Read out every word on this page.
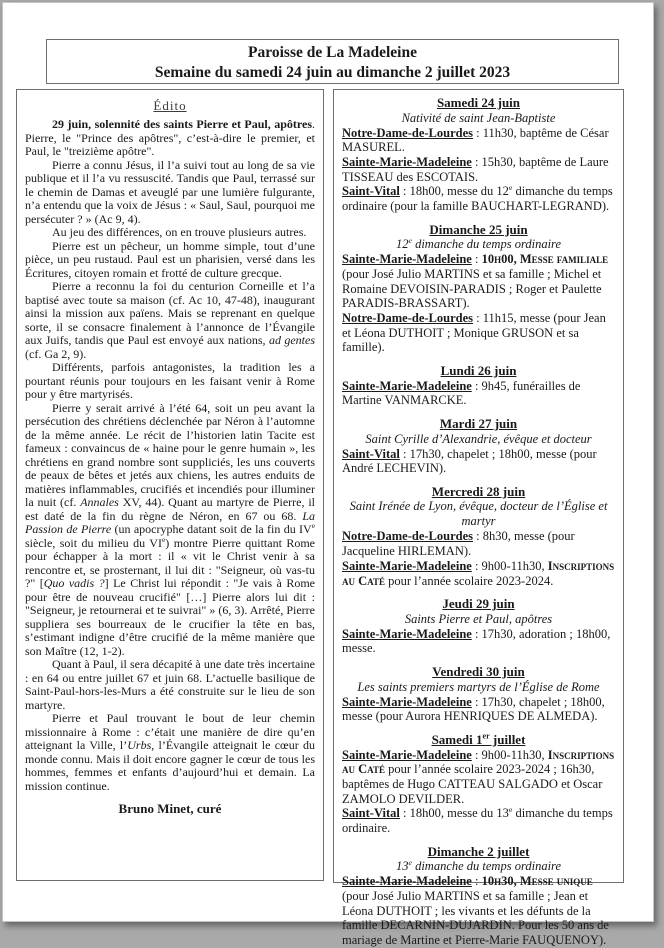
Paroisse de La Madeleine
Semaine du samedi 24 juin au dimanche 2 juillet 2023
Édito
29 juin, solennité des saints Pierre et Paul, apôtres. Pierre, le "Prince des apôtres", c’est-à-dire le premier, et Paul, le "treizième apôtre".
Pierre a connu Jésus, il l’a suivi tout au long de sa vie publique et il l’a vu ressuscité. Tandis que Paul, terrassé sur le chemin de Damas et aveuglé par une lumière fulgurante, n’a entendu que la voix de Jésus : « Saul, Saul, pourquoi me persécuter ? » (Ac 9, 4).
Au jeu des différences, on en trouve plusieurs autres.
Pierre est un pêcheur, un homme simple, tout d’une pièce, un peu rustaud. Paul est un pharisien, versé dans les Écritures, citoyen romain et frotté de culture grecque.
Pierre a reconnu la foi du centurion Corneille et l’a baptisé avec toute sa maison (cf. Ac 10, 47-48), inaugurant ainsi la mission aux païens. Mais se reprenant en quelque sorte, il se consacre finalement à l’annonce de l’Évangile aux Juifs, tandis que Paul est envoyé aux nations, ad gentes (cf. Ga 2, 9).
Différents, parfois antagonistes, la tradition les a pourtant réunis pour toujours en les faisant venir à Rome pour y être martyrisés.
Pierre y serait arrivé à l’été 64, soit un peu avant la persécution des chrétiens déclenchée par Néron à l’automne de la même année. Le récit de l’historien latin Tacite est fameux : convaincus de « haine pour le genre humain », les chrétiens en grand nombre sont suppliciés, les uns couverts de peaux de bêtes et jetés aux chiens, les autres enduits de matières inflammables, crucifiés et incendiés pour illuminer la nuit (cf. Annales XV, 44). Quant au martyre de Pierre, il est daté de la fin du règne de Néron, en 67 ou 68. La Passion de Pierre (un apocryphe datant soit de la fin du IVe siècle, soit du milieu du VIe) montre Pierre quittant Rome pour échapper à la mort : il « vit le Christ venir à sa rencontre et, se prosternant, il lui dit : "Seigneur, où vas-tu ?" [Quo vadis ?] Le Christ lui répondit : "Je vais à Rome pour être de nouveau crucifié" […] Pierre alors lui dit : "Seigneur, je retournerai et te suivrai" » (6, 3). Arrêté, Pierre suppliera ses bourreaux de le crucifier la tête en bas, s’estimant indigne d’être crucifié de la même manière que son Maître (12, 1-2).
Quant à Paul, il sera décapité à une date très incertaine : en 64 ou entre juillet 67 et juin 68. L’actuelle basilique de Saint-Paul-hors-les-Murs a été construite sur le lieu de son martyre.
Pierre et Paul trouvant le bout de leur chemin missionnaire à Rome : c’était une manière de dire qu’en atteignant la Ville, l’Urbs, l’Évangile atteignait le cœur du monde connu. Mais il doit encore gagner le cœur de tous les hommes, femmes et enfants d’aujourd’hui et demain. La mission continue.
Bruno Minet, curé
Samedi 24 juin
Nativité de saint Jean-Baptiste
Notre-Dame-de-Lourdes : 11h30, baptême de César MASUREL.
Sainte-Marie-Madeleine : 15h30, baptême de Laure TISSEAU des ESCOTAIS.
Saint-Vital : 18h00, messe du 12e dimanche du temps ordinaire (pour la famille BAUCHART-LEGRAND).
Dimanche 25 juin
12e dimanche du temps ordinaire
Sainte-Marie-Madeleine : 10h00, Messe familiale (pour José Julio MARTINS et sa famille ; Michel et Romaine DEVOISIN-PARADIS ; Roger et Paulette PARADIS-BRASSART).
Notre-Dame-de-Lourdes : 11h15, messe (pour Jean et Léona DUTHOIT ; Monique GRUSON et sa famille).
Lundi 26 juin
Sainte-Marie-Madeleine : 9h45, funérailles de Martine VANMARCKE.
Mardi 27 juin
Saint Cyrille d’Alexandrie, évêque et docteur
Saint-Vital : 17h30, chapelet ; 18h00, messe (pour André LECHEVIN).
Mercredi 28 juin
Saint Irénée de Lyon, évêque, docteur de l’Église et martyr
Notre-Dame-de-Lourdes : 8h30, messe (pour Jacqueline HIRLEMAN).
Sainte-Marie-Madeleine : 9h00-11h30, Inscriptions au Caté pour l’année scolaire 2023-2024.
Jeudi 29 juin
Saints Pierre et Paul, apôtres
Sainte-Marie-Madeleine : 17h30, adoration ; 18h00, messe.
Vendredi 30 juin
Les saints premiers martyrs de l’Église de Rome
Sainte-Marie-Madeleine : 17h30, chapelet ; 18h00, messe (pour Aurora HENRIQUES DE ALMEDA).
Samedi 1er juillet
Sainte-Marie-Madeleine : 9h00-11h30, Inscriptions au Caté pour l’année scolaire 2023-2024 ; 16h30, baptêmes de Hugo CATTEAU SALGADO et Oscar ZAMOLO DEVILDER.
Saint-Vital : 18h00, messe du 13e dimanche du temps ordinaire.
Dimanche 2 juillet
13e dimanche du temps ordinaire
Sainte-Marie-Madeleine : 10h30, Messe unique (pour José Julio MARTINS et sa famille ; Jean et Léona DUTHOIT ; les vivants et les défunts de la famille DECARNIN-DUJARDIN. Pour les 50 ans de mariage de Martine et Pierre-Marie FAUQUENOY).
